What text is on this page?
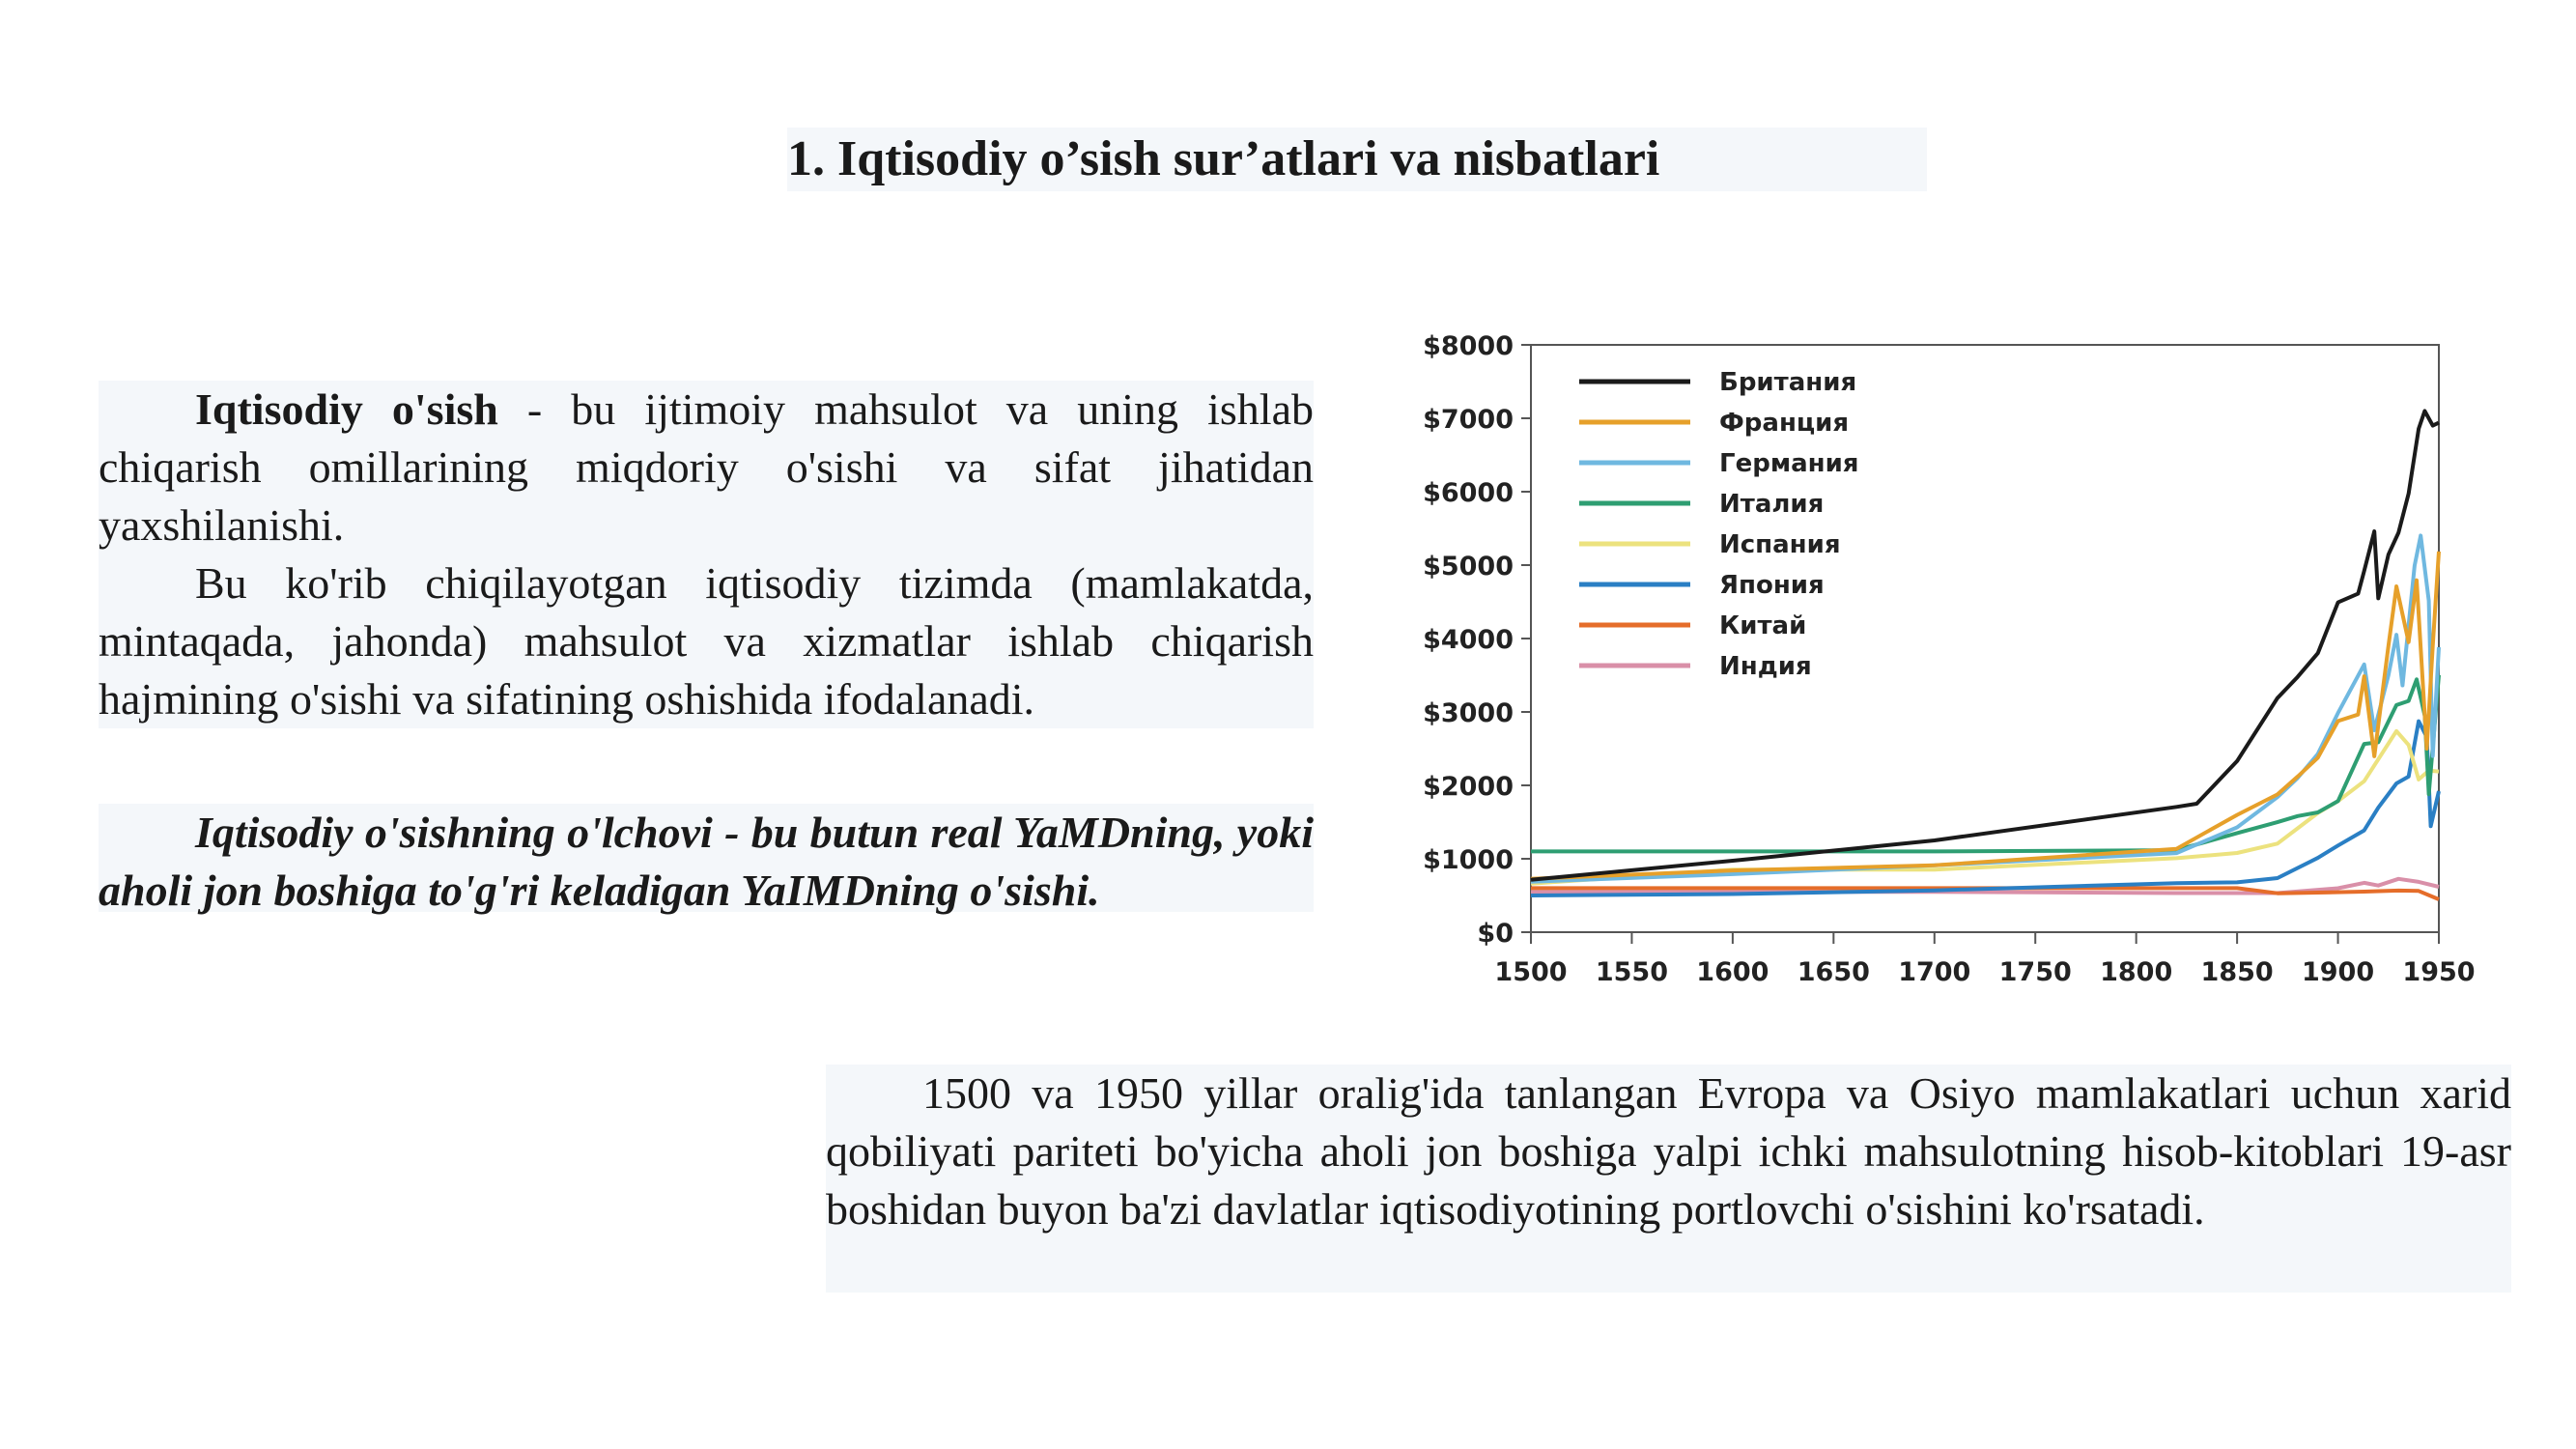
1. Iqtisodiy o’sish sur’atlari va nisbatlari

Iqtisodiy o'sish - bu ijtimoiy mahsulot va uning ishlab chiqarish omillarining miqdoriy o'sishi va sifat jihatidan yaxshilanishi.

Bu ko'rib chiqilayotgan iqtisodiy tizimda (mamlakatda, mintaqada, jahonda) mahsulot va xizmatlar ishlab chiqarish hajmining o'sishi va sifatining oshishida ifodalanadi.

Iqtisodiy o'sishning o'lchovi - bu butun real YaMDning, yoki aholi jon boshiga to'g'ri keladigan YaIMDning o'sishi.

1500 va 1950 yillar oralig'ida tanlangan Evropa va Osiyo mamlakatlari uchun xarid qobiliyati pariteti bo'yicha aholi jon boshiga yalpi ichki mahsulotning hisob-kitoblari 19-asr boshidan buyon ba'zi davlatlar iqtisodiyotining portlovchi o'sishini ko'rsatadi.

$0
$1000
$2000
$3000
$4000
$5000
$6000
$7000
$8000
1500 1550 1600 1650 1700 1750 1800 1850 1900 1950
Британия
Франция
Германия
Италия
Испания
Япония
Китай
Индия
